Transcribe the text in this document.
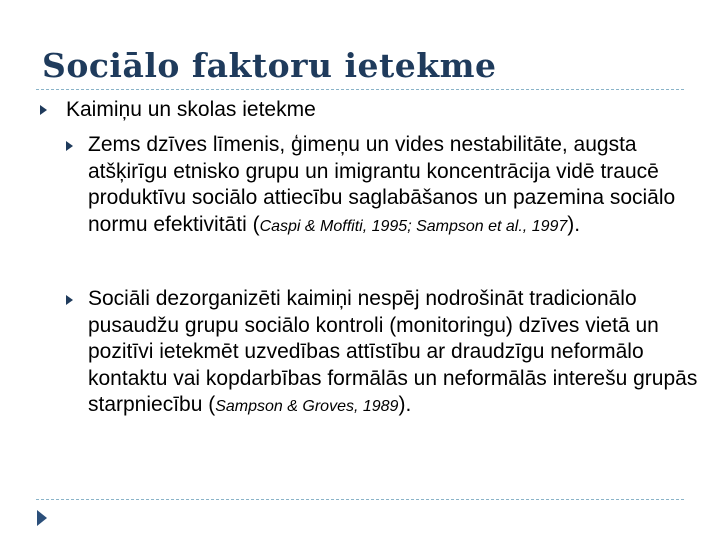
Sociālo faktoru ietekme

Kaimiņu un skolas ietekme

Zems dzīves līmenis, ģimeņu un vides nestabilitāte, augsta atšķirīgu etnisko grupu un imigrantu koncentrācija vidē traucē produktīvu sociālo attiecību saglabāšanos un pazemina sociālo normu efektivitāti (Caspi & Moffiti, 1995; Sampson et al., 1997).

Sociāli dezorganizēti kaimiņi nespēj nodrošināt tradicionālo pusaudžu grupu sociālo kontroli (monitoringu) dzīves vietā un pozitīvi ietekmēt uzvedības attīstību ar draudzīgu neformālo kontaktu vai kopdarbības formālās un neformālās interešu grupās starpniecību (Sampson & Groves, 1989).
